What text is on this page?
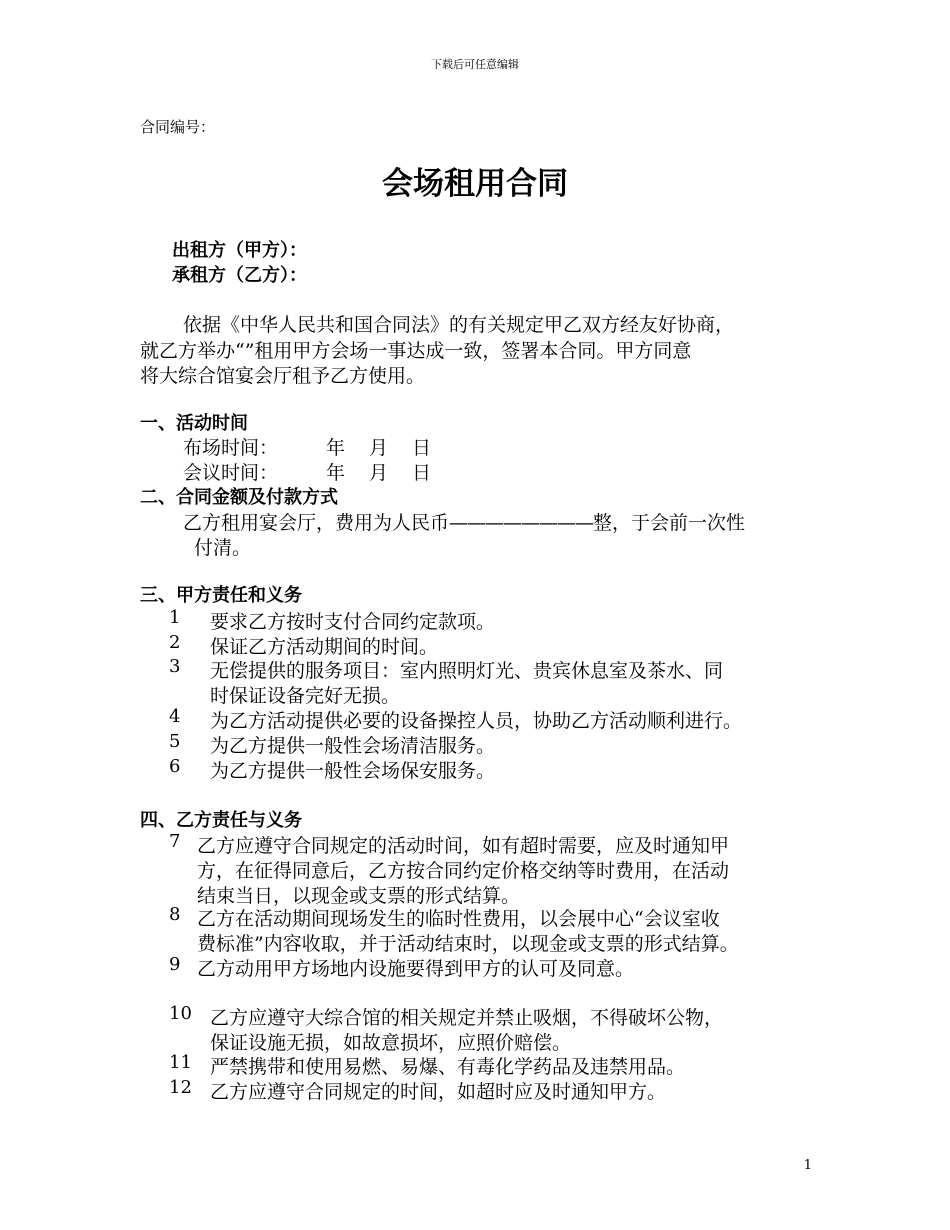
下载后可任意编辑
合同编号：
会场租用合同
出租方（甲方）：
承租方（乙方）：
依据《中华人民共和国合同法》的有关规定甲乙双方经友好协商，
就乙方举办“”租用甲方会场一事达成一致，签署本合同。甲方同意
将大综合馆宴会厅租予乙方使用。
一、活动时间
布场时间：	年 月 日
会议时间：	年 月 日
二、合同金额及付款方式
乙方租用宴会厅，费用为人民币————————整，于会前一次性
付清。
三、甲方责任和义务
1 要求乙方按时支付合同约定款项。
2 保证乙方活动期间的时间。
3 无偿提供的服务项目：室内照明灯光、贵宾休息室及茶水、同
时保证设备完好无损。
4 为乙方活动提供必要的设备操控人员，协助乙方活动顺利进行。
5 为乙方提供一般性会场清洁服务。
6 为乙方提供一般性会场保安服务。
四、乙方责任与义务
7 乙方应遵守合同规定的活动时间，如有超时需要，应及时通知甲
方，在征得同意后，乙方按合同约定价格交纳等时费用，在活动
结束当日，以现金或支票的形式结算。
8 乙方在活动期间现场发生的临时性费用，以会展中心“会议室收
费标准”内容收取，并于活动结束时，以现金或支票的形式结算。
9 乙方动用甲方场地内设施要得到甲方的认可及同意。
10 乙方应遵守大综合馆的相关规定并禁止吸烟，不得破坏公物，
保证设施无损，如故意损坏，应照价赔偿。
11 严禁携带和使用易燃、易爆、有毒化学药品及违禁用品。
12 乙方应遵守合同规定的时间，如超时应及时通知甲方。
1
